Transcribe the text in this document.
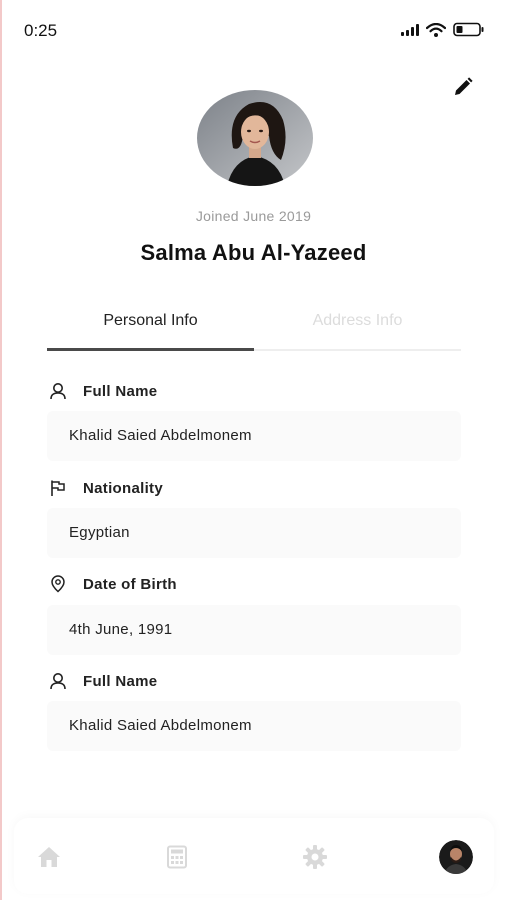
0:25
Joined June 2019
Salma Abu Al-Yazeed
Personal Info	Address Info
Full Name
Khalid Saied Abdelmonem
Nationality
Egyptian
Date of Birth
4th June, 1991
Full Name
Khalid Saied Abdelmonem
